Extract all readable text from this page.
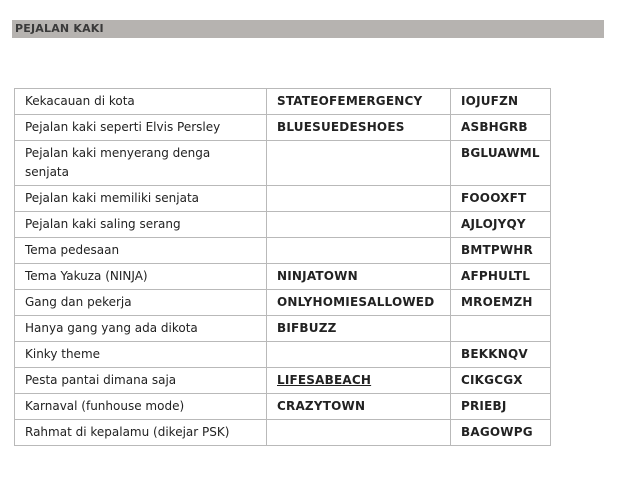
PEJALAN KAKI
Kekacauan di kota	STATEOFEMERGENCY	IOJUFZN
Pejalan kaki seperti Elvis Persley	BLUESUEDESHOES	ASBHGRB
Pejalan kaki menyerang denga senjata		BGLUAWML
Pejalan kaki memiliki senjata		FOOOXFT
Pejalan kaki saling serang		AJLOJYQY
Tema pedesaan		BMTPWHR
Tema Yakuza (NINJA)	NINJATOWN	AFPHULTL
Gang dan pekerja	ONLYHOMIESALLOWED	MROEMZH
Hanya gang yang ada dikota	BIFBUZZ	
Kinky theme		BEKKNQV
Pesta pantai dimana saja	LIFESABEACH	CIKGCGX
Karnaval (funhouse mode)	CRAZYTOWN	PRIEBJ
Rahmat di kepalamu (dikejar PSK)		BAGOWPG
